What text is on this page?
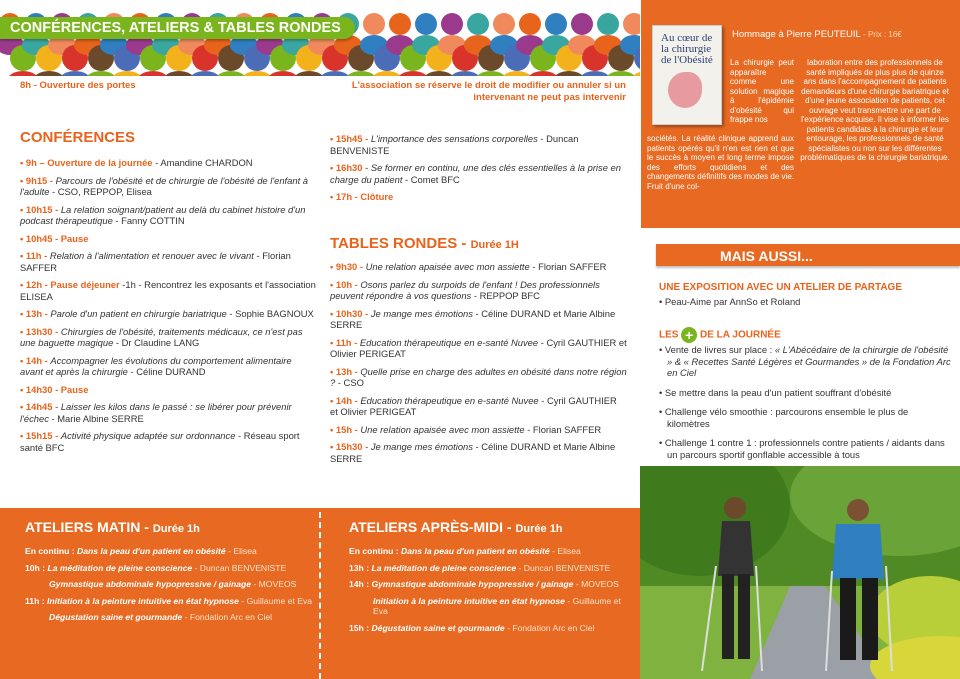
CONFÉRENCES, ATELIERS & TABLES RONDES
8h - Ouverture des portes	L'association se réserve le droit de modifier ou annuler si un intervenant ne peut pas intervenir
CONFÉRENCES

• 9h – Ouverture de la journée - Amandine CHARDON

• 9h15 - Parcours de l'obésité et de chirurgie de l'obésité de l'enfant à l'adulte - CSO, REPPOP, Elisea

• 10h15 - La relation soignant/patient au delà du cabinet histoire d'un podcast thérapeutique - Fanny COTTIN

• 10h45 - Pause

• 11h - Relation à l'alimentation et renouer avec le vivant - Florian SAFFER

• 12h - Pause déjeuner -1h - Rencontrez les exposants et l'association ELISEA

• 13h - Parole d'un patient en chirurgie bariatrique - Sophie BAGNOUX

• 13h30 - Chirurgies de l'obésité, traitements médicaux, ce n'est pas une baguette magique - Dr Claudine LANG

• 14h - Accompagner les évolutions du comportement alimentaire avant et après la chirurgie - Céline DURAND

• 14h30 - Pause

• 14h45 - Laisser les kilos dans le passé : se libérer pour prévenir l'échec - Marie Albine SERRE

• 15h15 - Activité physique adaptée sur ordonnance - Réseau sport santé BFC

• 15h45 - L'importance des sensations corporelles - Duncan BENVENISTE

• 16h30 - Se former en continu, une des clés essentielles à la prise en charge du patient - Comet BFC

• 17h - Clôture

TABLES RONDES - Durée 1H

• 9h30 - Une relation apaisée avec mon assiette - Florian SAFFER

• 10h - Osons parlez du surpoids de l'enfant ! Des professionnels peuvent répondre à vos questions - REPPOP BFC

• 10h30 - Je mange mes émotions - Céline DURAND et Marie Albine SERRE

• 11h - Education thérapeutique en e-santé Nuvee - Cyril GAUTHIER et Olivier PERIGEAT

• 13h - Quelle prise en charge des adultes en obésité dans notre région ? - CSO

• 14h - Education thérapeutique en e-santé Nuvee - Cyril GAUTHIER et Olivier PERIGEAT

• 15h - Une relation apaisée avec mon assiette - Florian SAFFER

• 15h30 - Je mange mes émotions - Céline DURAND et Marie Albine SERRE

Au cœur de la chirurgie de l'Obésité
Hommage à Pierre PEUTEUIL - Prix : 16€
La chirurgie peut apparaître comme une solution magique à l'épidémie d'obésité qui frappe nos
sociétés. La réalité clinique apprend aux patients opérés qu'il n'en est rien et que le succès à moyen et long terme impose des efforts quotidiens et des changements définitifs des modes de vie. Fruit d'une col-
laboration entre des professionnels de santé impliqués de plus plus de quinze ans dans l'accompagnement de patients demandeurs d'une chirurgie bariatrique et d'une jeune association de patients, cet ouvrage veut transmettre une part de l'expérience acquise. Il vise à informer les patients candidats à la chirurgie et leur entourage, les professionnels de santé spécialistes ou non sur les différentes problématiques de la chirurgie bariatrique.
MAIS AUSSI...
UNE EXPOSITION AVEC UN ATELIER DE PARTAGE
• Peau-Aime par AnnSo et Roland
LES + DE LA JOURNÉE

• Vente de livres sur place : « L'Abécédaire de la chirurgie de l'obésité » & « Recettes Santé Légères et Gourmandes » de la Fondation Arc en Ciel

• Se mettre dans la peau d'un patient souffrant d'obésité

• Challenge vélo smoothie : parcourons ensemble le plus de kilomètres

• Challenge 1 contre 1 : professionnels contre patients / aidants dans un parcours sportif gonflable accessible à tous

ATELIERS MATIN - Durée 1h	ATELIERS APRÈS-MIDI - Durée 1h

En continu : Dans la peau d'un patient en obésité - Elisea

10h : La méditation de pleine conscience - Duncan BENVENISTE

Gymnastique abdominale hypopressive / gainage - MOVEOS

11h : Initiation à la peinture intuitive en état hypnose - Guillaume et Eva

Dégustation saine et gourmande - Fondation Arc en Ciel

En continu : Dans la peau d'un patient en obésité - Elisea

13h : La méditation de pleine conscience - Duncan BENVENISTE

14h : Gymnastique abdominale hypopressive / gainage - MOVEOS

Initiation à la peinture intuitive en état hypnose - Guillaume et Eva

15h : Dégustation saine et gourmande - Fondation Arc en Ciel
